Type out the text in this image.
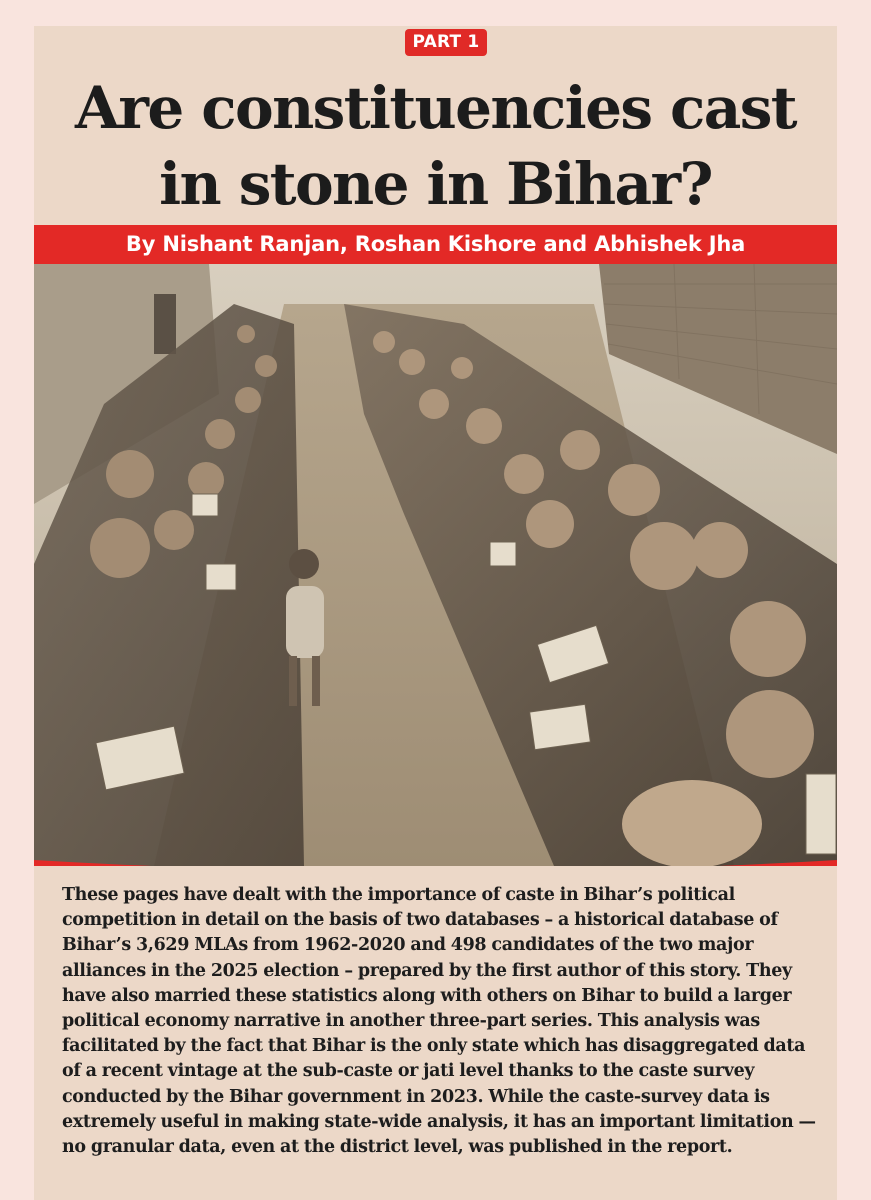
PART 1
Are constituencies cast
in stone in Bihar?
By Nishant Ranjan, Roshan Kishore and Abhishek Jha

These pages have dealt with the importance of caste in Bihar’s political competition in detail on the basis of two databases – a historical database of Bihar’s 3,629 MLAs from 1962-2020 and 498 candidates of the two major alliances in the 2025 election – prepared by the first author of this story. They have also married these statistics along with others on Bihar to build a larger political economy narrative in another three-part series. This analysis was facilitated by the fact that Bihar is the only state which has disaggregated data of a recent vintage at the sub-caste or jati level thanks to the caste survey conducted by the Bihar government in 2023. While the caste-survey data is extremely useful in making state-wide analysis, it has an important limitation — no granular data, even at the district level, was published in the report.
